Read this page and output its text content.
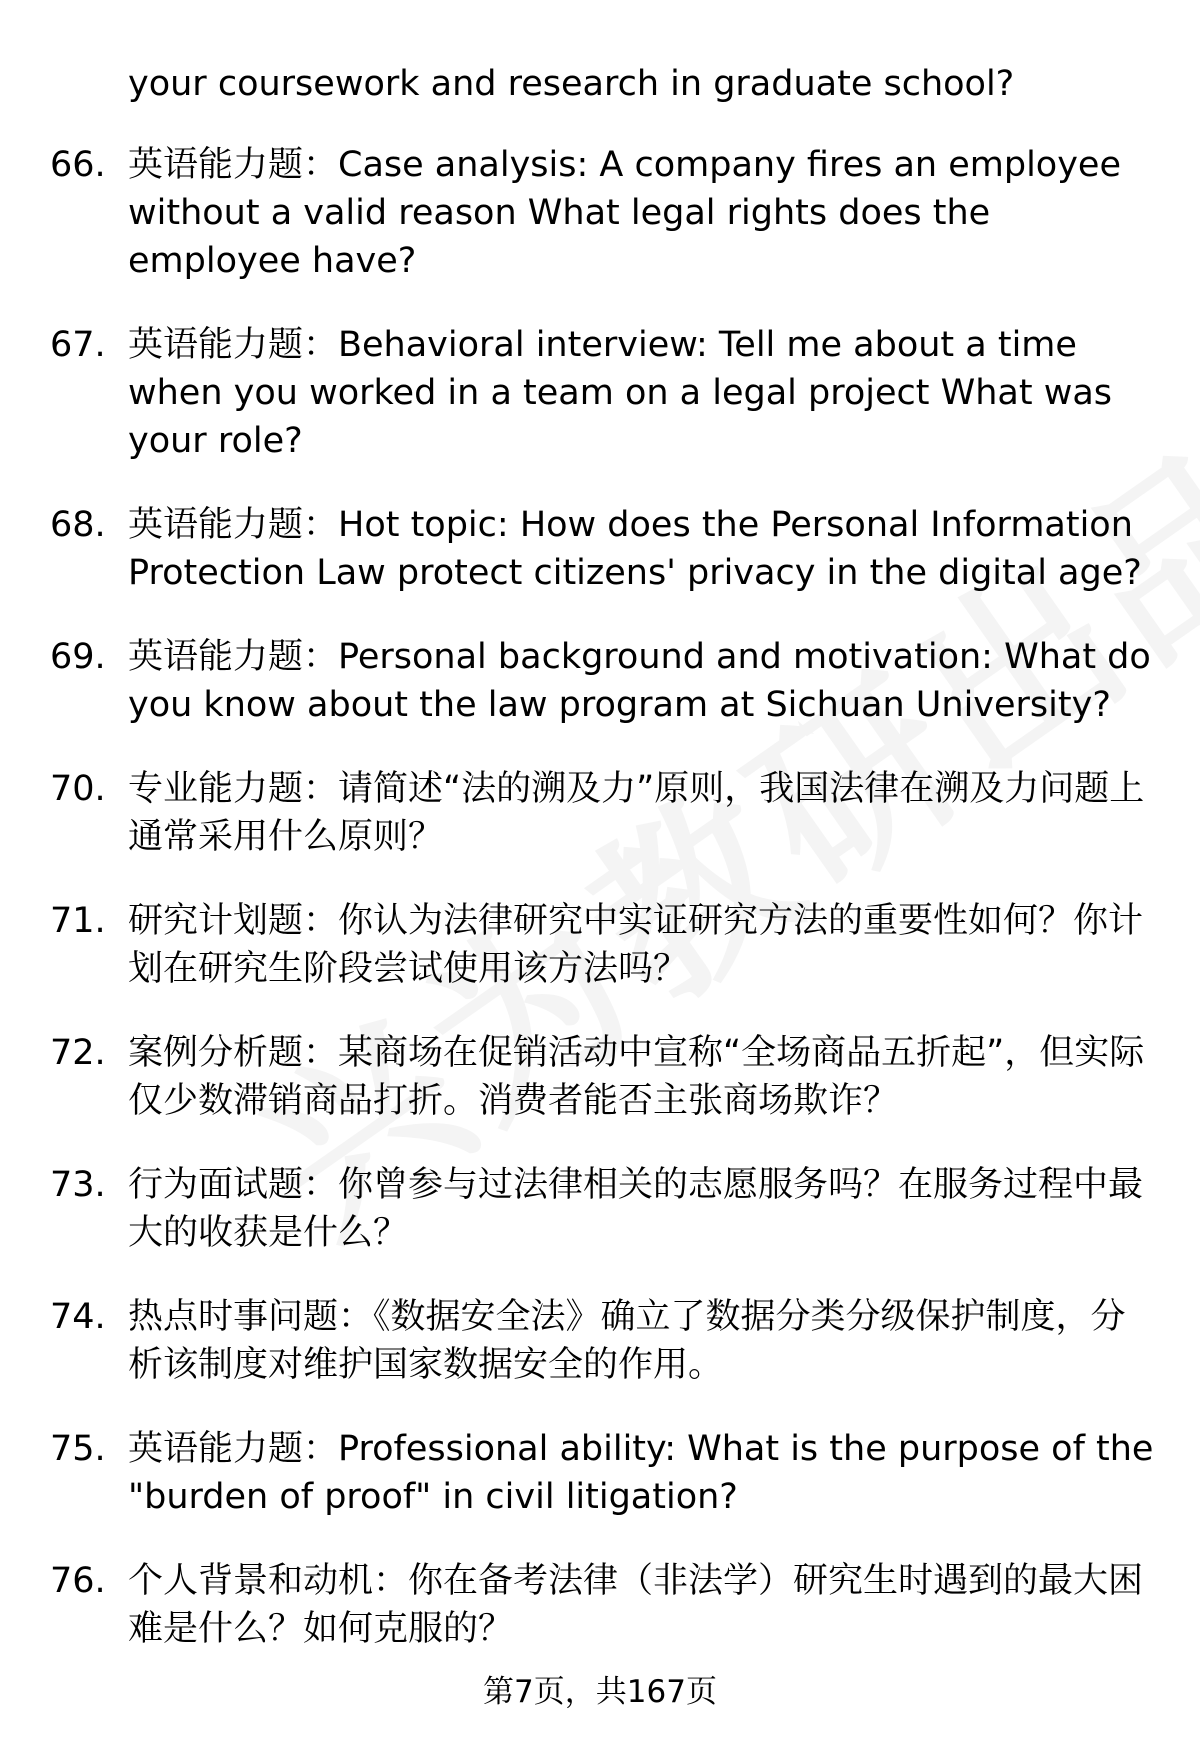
your coursework and research in graduate school?
66. 英语能力题：Case analysis: A company fires an employee without a valid reason What legal rights does the employee have?
67. 英语能力题：Behavioral interview: Tell me about a time when you worked in a team on a legal project What was your role?
68. 英语能力题：Hot topic: How does the Personal Information Protection Law protect citizens' privacy in the digital age?
69. 英语能力题：Personal background and motivation: What do you know about the law program at Sichuan University?
70. 专业能力题：请简述“法的溯及力”原则，我国法律在溯及力问题上通常采用什么原则？
71. 研究计划题：你认为法律研究中实证研究方法的重要性如何？你计划在研究生阶段尝试使用该方法吗？
72. 案例分析题：某商场在促销活动中宣称“全场商品五折起”，但实际仅少数滞销商品打折。消费者能否主张商场欺诈？
73. 行为面试题：你曾参与过法律相关的志愿服务吗？在服务过程中最大的收获是什么？
74. 热点时事问题：《数据安全法》确立了数据分类分级保护制度，分析该制度对维护国家数据安全的作用。
75. 英语能力题：Professional ability: What is the purpose of the "burden of proof" in civil litigation?
76. 个人背景和动机：你在备考法律（非法学）研究生时遇到的最大困难是什么？如何克服的？
第7页，共167页
